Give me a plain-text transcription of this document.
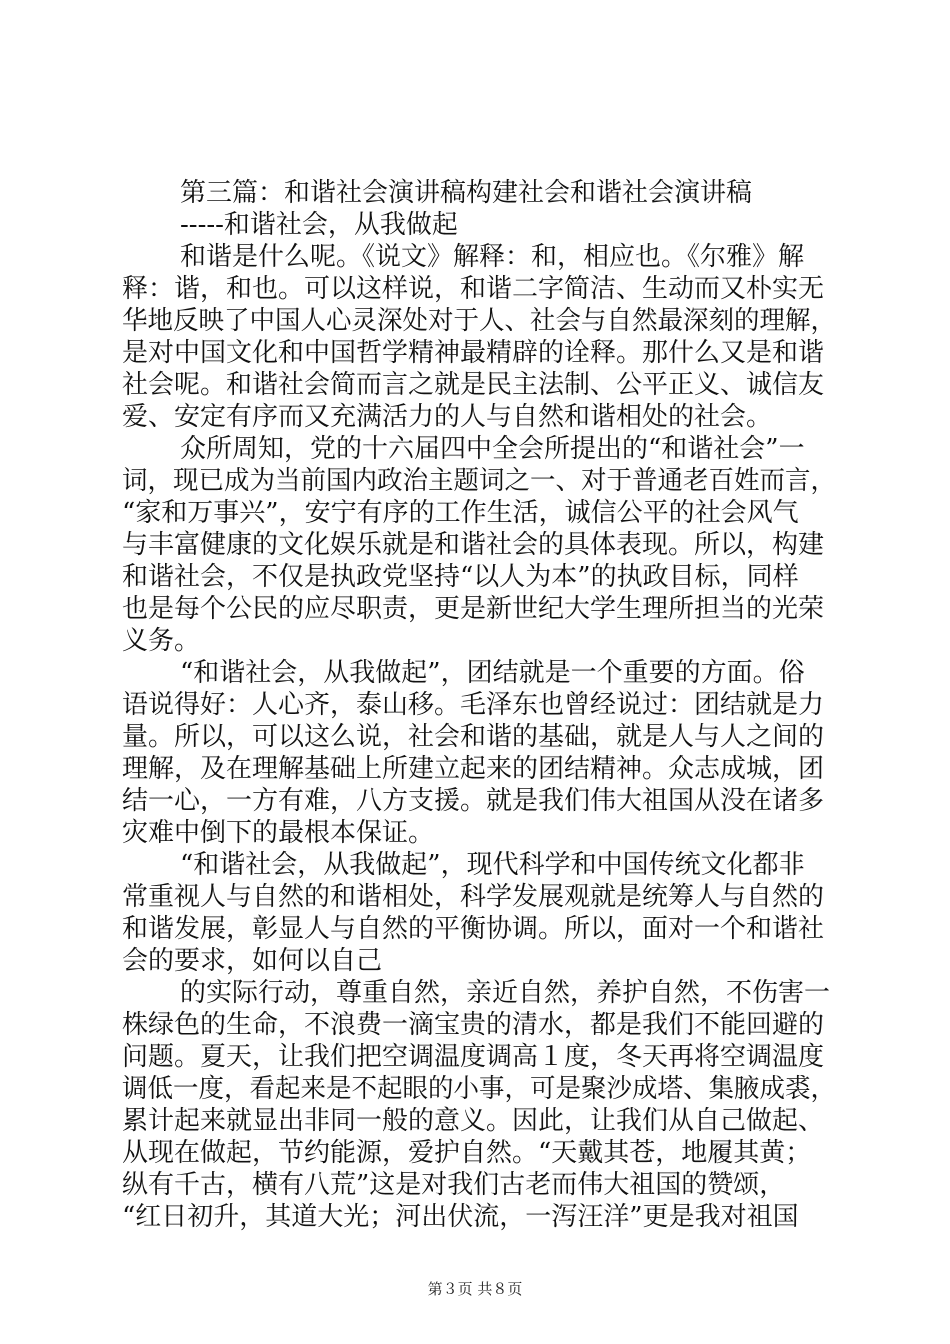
第三篇：和谐社会演讲稿构建社会和谐社会演讲稿
-----和谐社会，从我做起
和谐是什么呢。《说文》解释：和，相应也。《尔雅》解
释：谐，和也。可以这样说，和谐二字简洁、生动而又朴实无
华地反映了中国人心灵深处对于人、社会与自然最深刻的理解，
是对中国文化和中国哲学精神最精辟的诠释。那什么又是和谐
社会呢。和谐社会简而言之就是民主法制、公平正义、诚信友
爱、安定有序而又充满活力的人与自然和谐相处的社会。
众所周知，党的十六届四中全会所提出的“和谐社会”一
词，现已成为当前国内政治主题词之一、对于普通老百姓而言，
“家和万事兴”，安宁有序的工作生活，诚信公平的社会风气
与丰富健康的文化娱乐就是和谐社会的具体表现。所以，构建
和谐社会，不仅是执政党坚持“以人为本”的执政目标，同样
也是每个公民的应尽职责，更是新世纪大学生理所担当的光荣
义务。
“和谐社会，从我做起”，团结就是一个重要的方面。俗
语说得好：人心齐，泰山移。毛泽东也曾经说过：团结就是力
量。所以，可以这么说，社会和谐的基础，就是人与人之间的
理解，及在理解基础上所建立起来的团结精神。众志成城，团
结一心，一方有难，八方支援。就是我们伟大祖国从没在诸多
灾难中倒下的最根本保证。
“和谐社会，从我做起”，现代科学和中国传统文化都非
常重视人与自然的和谐相处，科学发展观就是统筹人与自然的
和谐发展，彰显人与自然的平衡协调。所以，面对一个和谐社
会的要求，如何以自己
的实际行动，尊重自然，亲近自然，养护自然，不伤害一
株绿色的生命，不浪费一滴宝贵的清水，都是我们不能回避的
问题。夏天，让我们把空调温度调高１度，冬天再将空调温度
调低一度，看起来是不起眼的小事，可是聚沙成塔、集腋成裘，
累计起来就显出非同一般的意义。因此，让我们从自己做起、
从现在做起，节约能源，爱护自然。“天戴其苍，地履其黄；
纵有千古，横有八荒”这是对我们古老而伟大祖国的赞颂，
“红日初升，其道大光；河出伏流，一泻汪洋”更是我对祖国
第３页 共８页
